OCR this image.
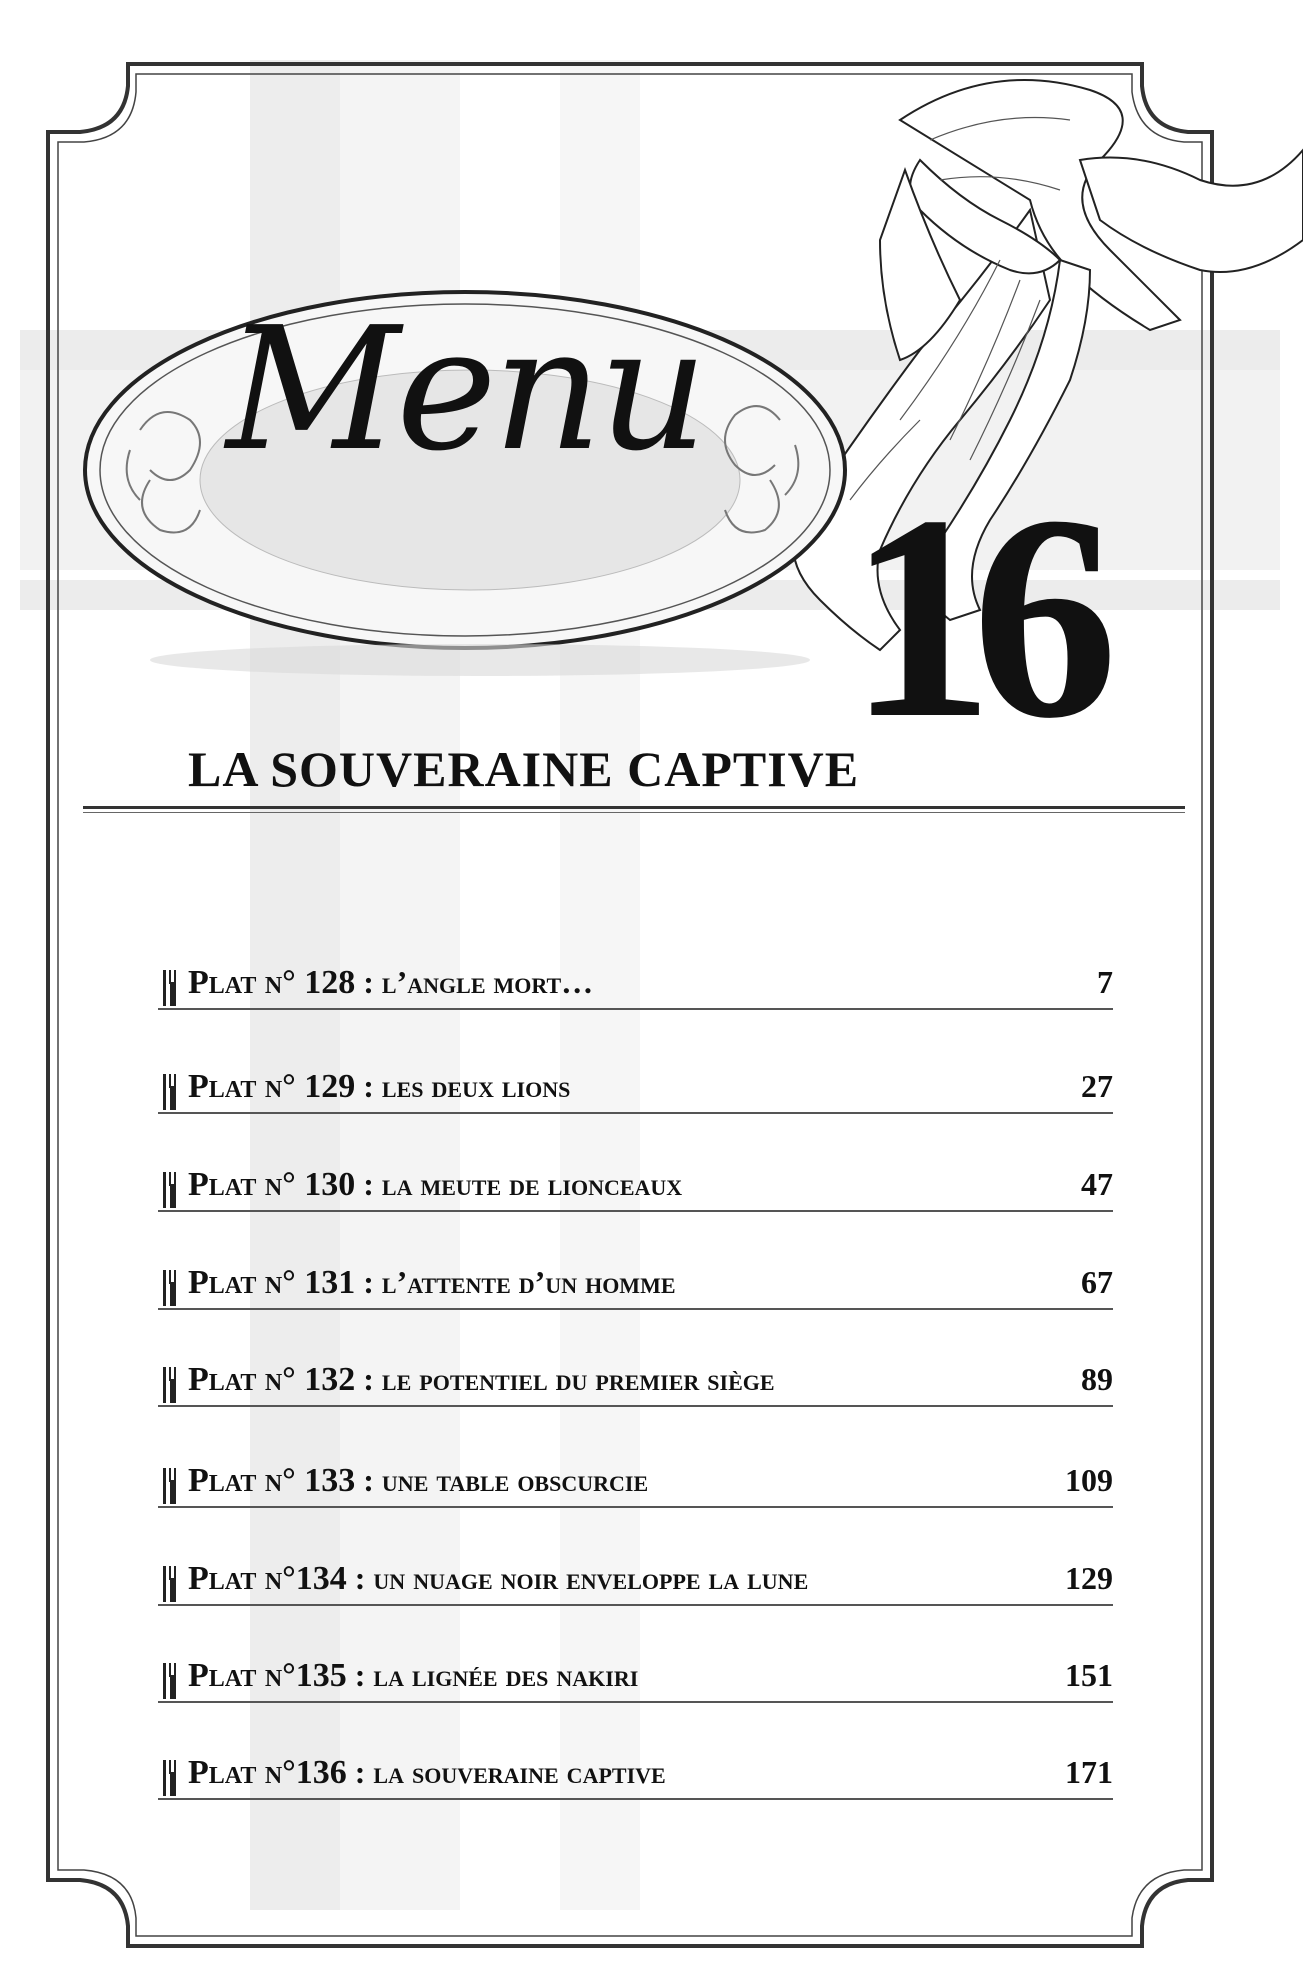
Menu
16
LA SOUVERAINE CAPTIVE
Plat n° 128 : l’angle mort…	7
Plat n° 129 : les deux lions	27
Plat n° 130 : la meute de lionceaux	47
Plat n° 131 : l’attente d’un homme	67
Plat n° 132 : le potentiel du premier siège	89
Plat n° 133 : une table obscurcie	109
Plat n°134 : un nuage noir enveloppe la lune	129
Plat n°135 : la lignée des nakiri	151
Plat n°136 : la souveraine captive	171
